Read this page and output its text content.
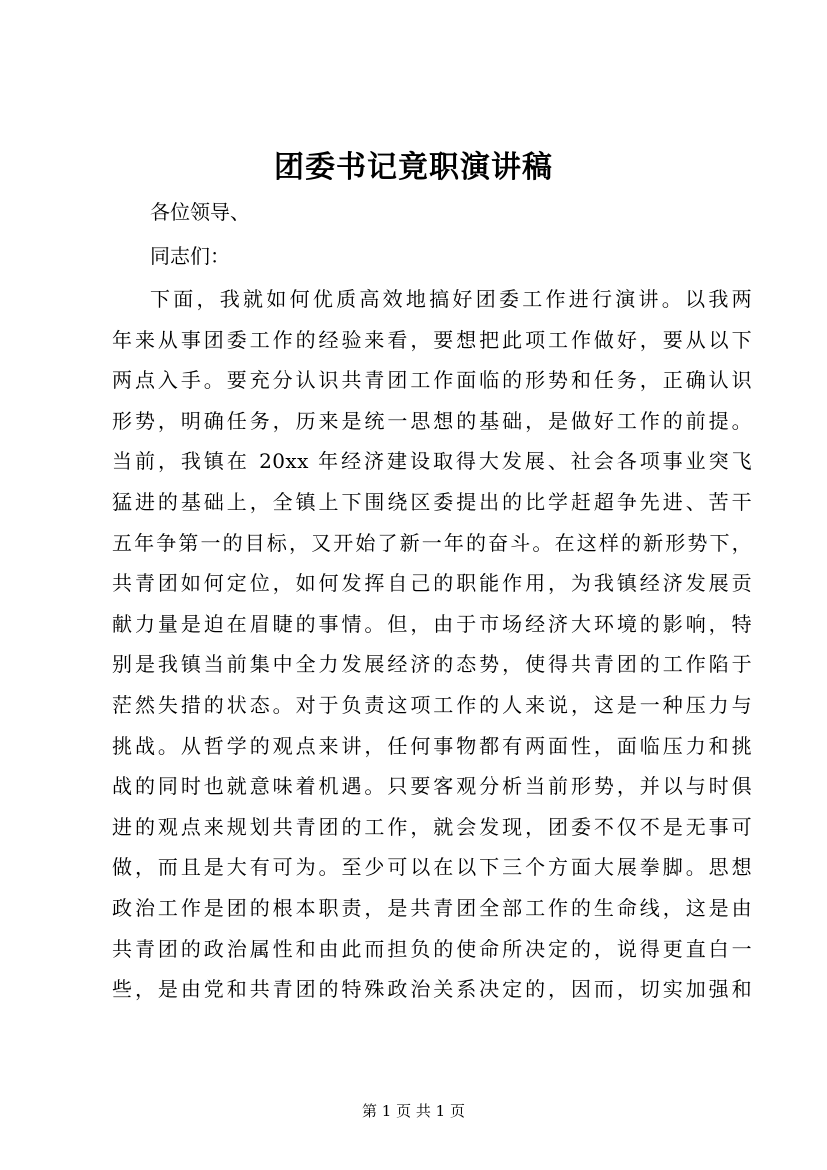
团委书记竟职演讲稿
各位领导、
同志们：
下面，我就如何优质高效地搞好团委工作进行演讲。以我两
年来从事团委工作的经验来看，要想把此项工作做好，要从以下
两点入手。要充分认识共青团工作面临的形势和任务，正确认识
形势，明确任务，历来是统一思想的基础，是做好工作的前提。
当前，我镇在 20xx 年经济建设取得大发展、社会各项事业突飞
猛进的基础上，全镇上下围绕区委提出的比学赶超争先进、苦干
五年争第一的目标，又开始了新一年的奋斗。在这样的新形势下，
共青团如何定位，如何发挥自己的职能作用，为我镇经济发展贡
献力量是迫在眉睫的事情。但，由于市场经济大环境的影响，特
别是我镇当前集中全力发展经济的态势，使得共青团的工作陷于
茫然失措的状态。对于负责这项工作的人来说，这是一种压力与
挑战。从哲学的观点来讲，任何事物都有两面性，面临压力和挑
战的同时也就意味着机遇。只要客观分析当前形势，并以与时俱
进的观点来规划共青团的工作，就会发现，团委不仅不是无事可
做，而且是大有可为。至少可以在以下三个方面大展拳脚。思想
政治工作是团的根本职责，是共青团全部工作的生命线，这是由
共青团的政治属性和由此而担负的使命所决定的，说得更直白一
些，是由党和共青团的特殊政治关系决定的，因而，切实加强和
第 1 页 共 1 页
